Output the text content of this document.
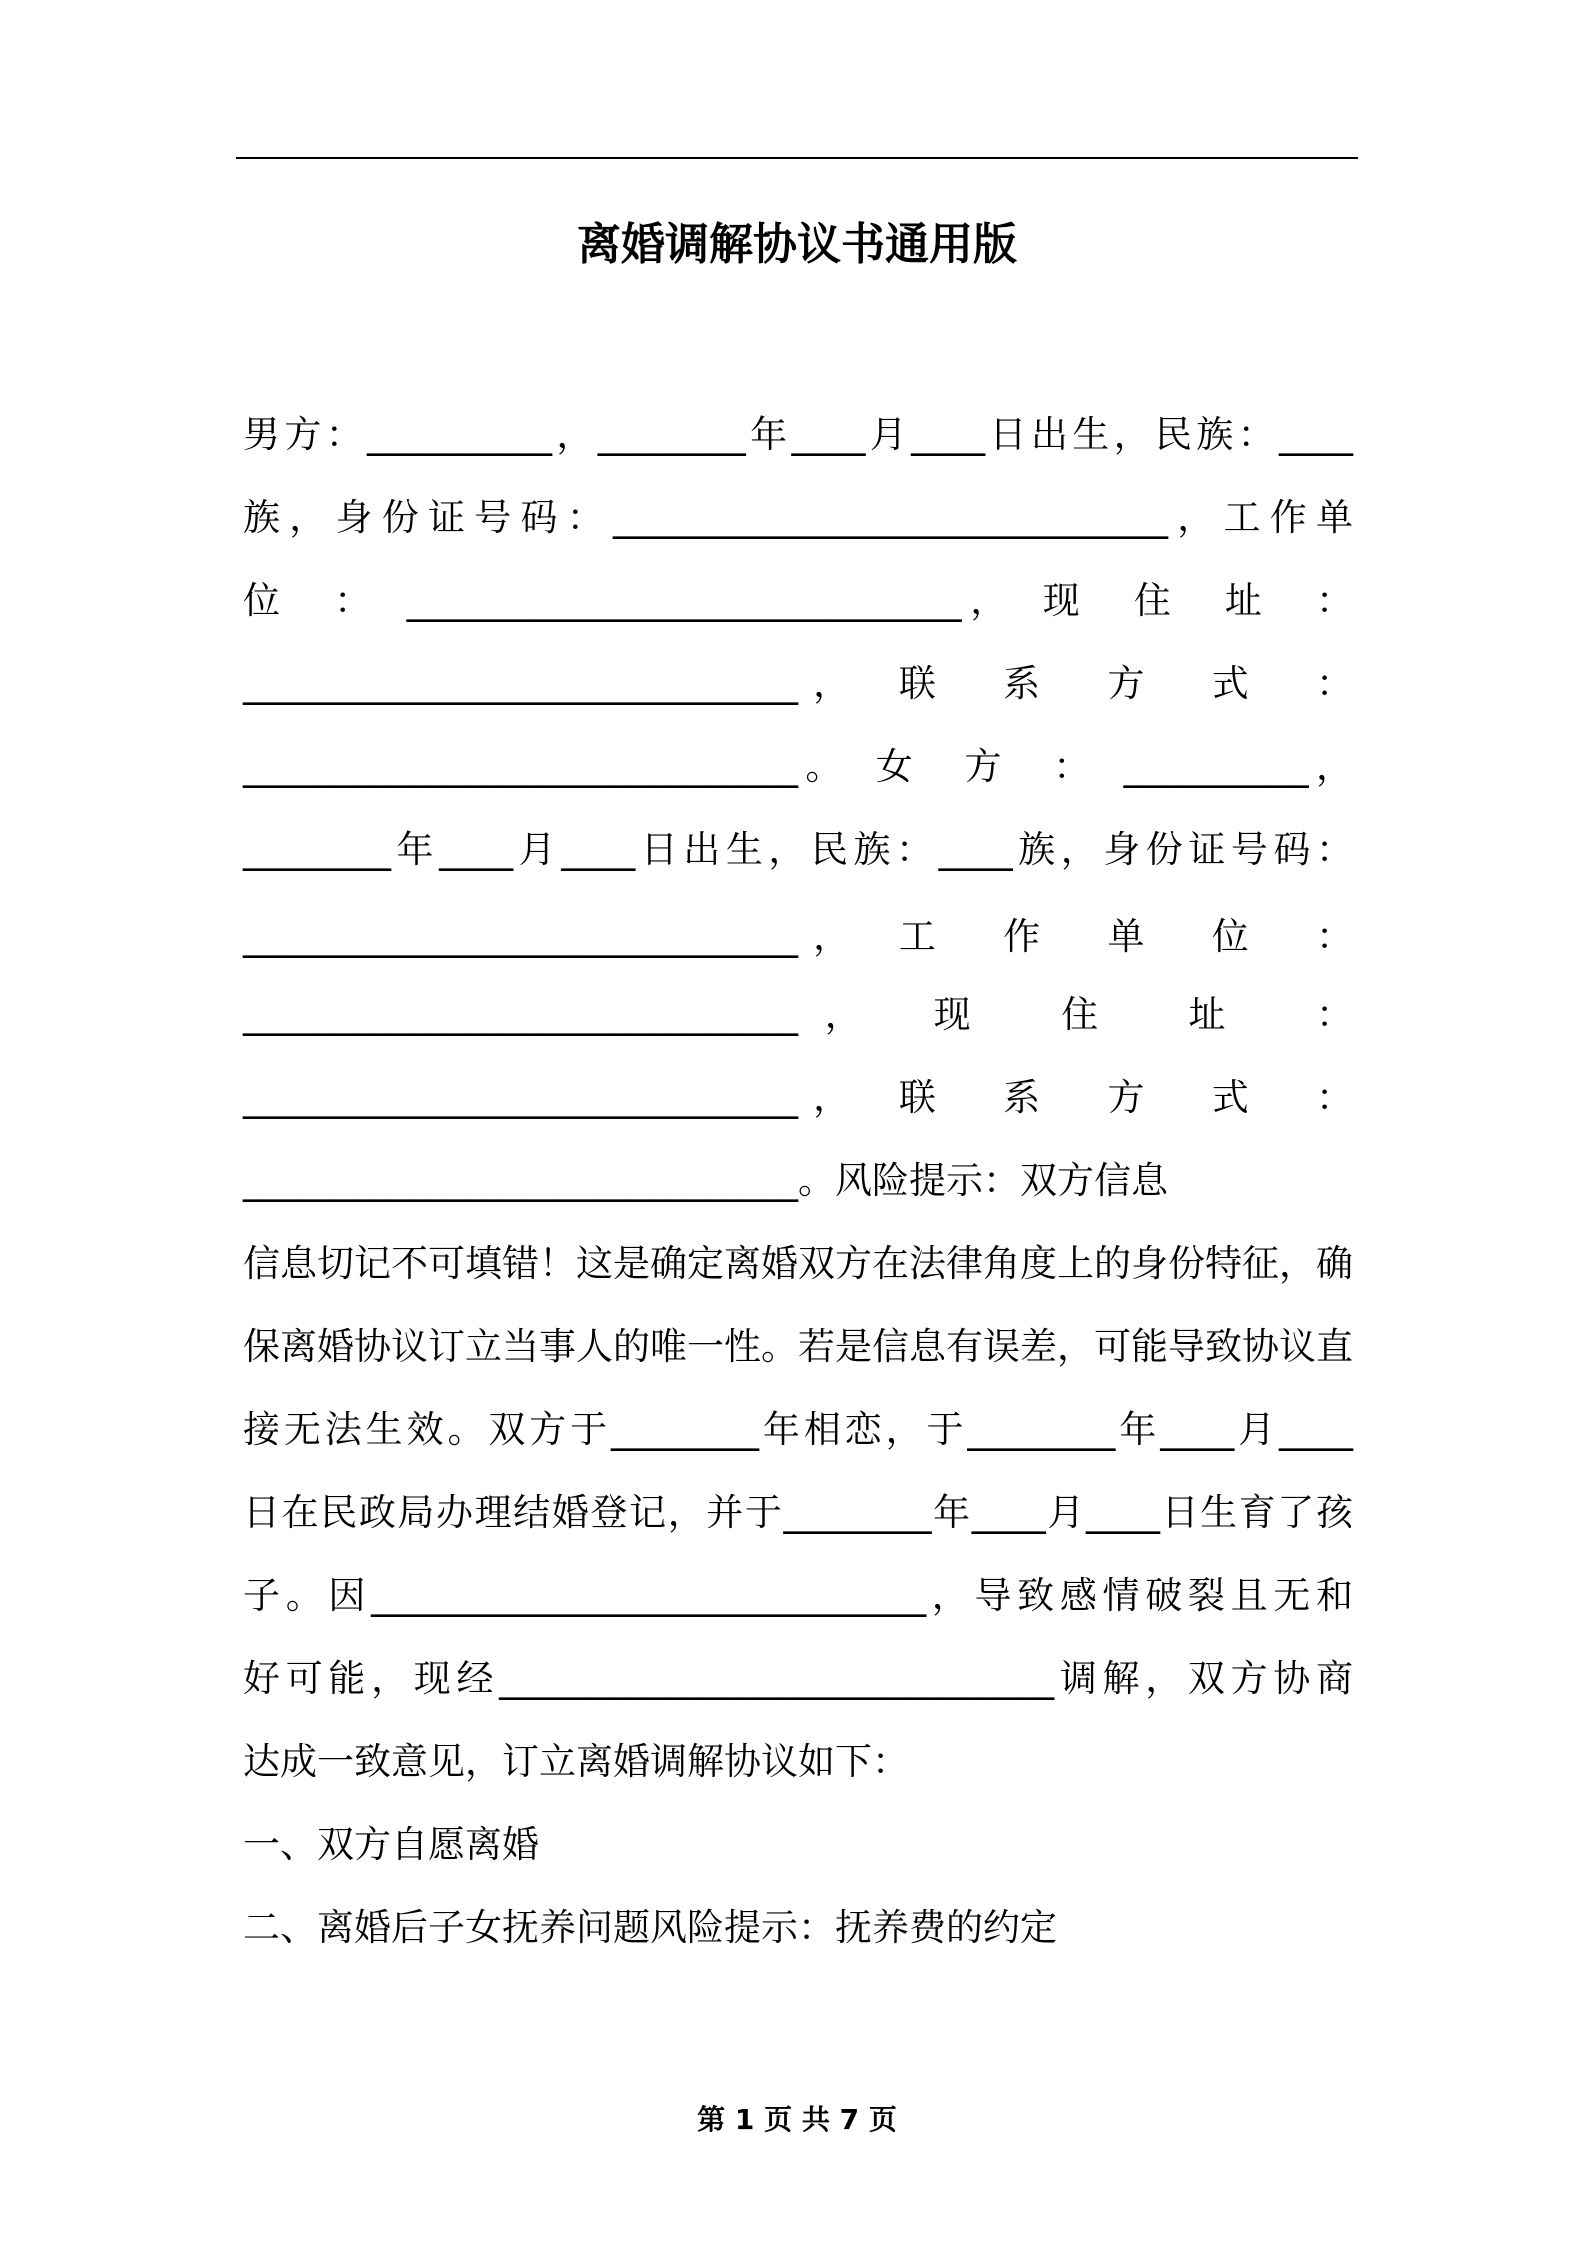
离婚调解协议书通用版
男方：__________，________年____月____日出生，民族：____
族，身份证号码：______________________________，工作单
位　：　______________________________，　现　住　址　：
______________________________，　联　系　方　式　：
______________________________。　女　方　：　__________，
________年____月____日出生，民族：____族，身份证号码：
______________________________，　工　作　单　位　：
______________________________，　现　住　址　：
______________________________，　联　系　方　式　：
______________________________。风险提示：双方信息
信息切记不可填错！这是确定离婚双方在法律角度上的身份特征，确
保离婚协议订立当事人的唯一性。若是信息有误差，可能导致协议直
接无法生效。双方于________年相恋，于________年____月____
日在民政局办理结婚登记，并于________年____月____日生育了孩
子。因______________________________，导致感情破裂且无和
好可能，现经______________________________调解，双方协商
达成一致意见，订立离婚调解协议如下：
一、双方自愿离婚
二、离婚后子女抚养问题风险提示：抚养费的约定
第 1 页 共 7 页
